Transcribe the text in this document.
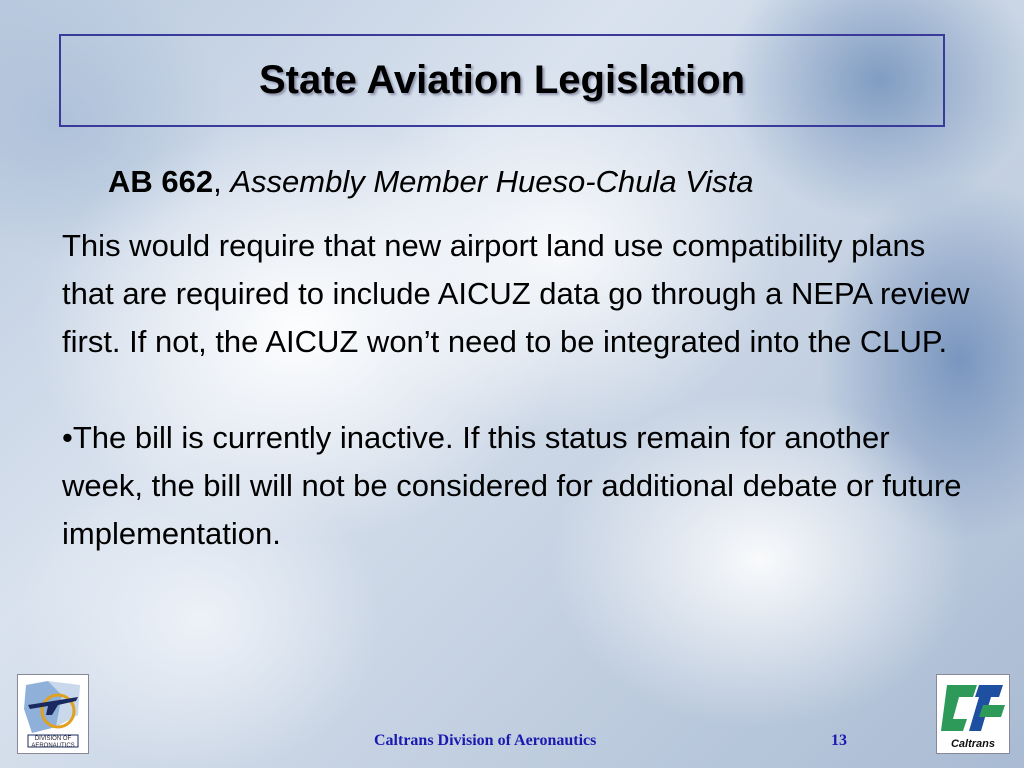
State Aviation Legislation
AB 662, Assembly Member Hueso-Chula Vista

This would require that new airport land use compatibility plans that are required to include AICUZ data go through a NEPA review first. If not, the AICUZ won’t need to be integrated into the CLUP.

•The bill is currently inactive. If this status remain for another week, the bill will not be considered for additional debate or future implementation.

DIVISION OF AERONAUTICS	Caltrans Division of Aeronautics	13	Caltrans
